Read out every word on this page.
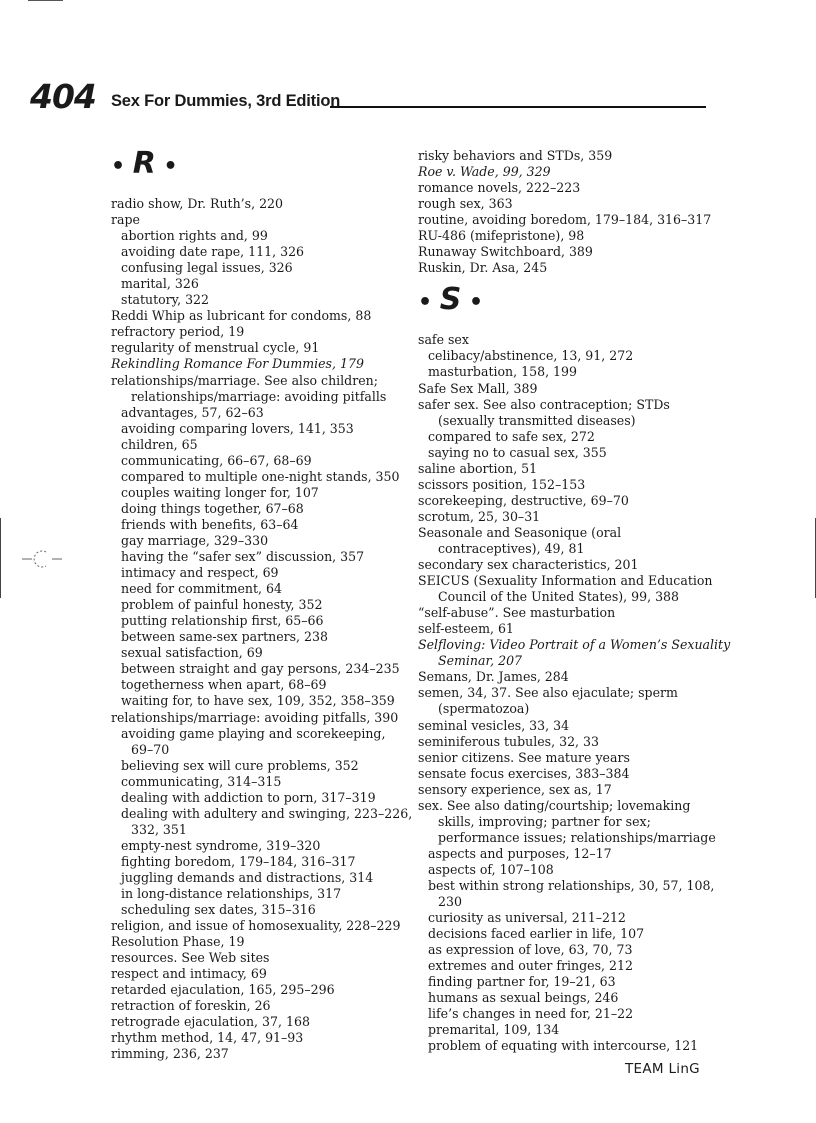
404 Sex For Dummies, 3rd Edition
• R •

radio show, Dr. Ruth’s, 220

rape

abortion rights and, 99

avoiding date rape, 111, 326

confusing legal issues, 326

marital, 326

statutory, 322

Reddi Whip as lubricant for condoms, 88

refractory period, 19

regularity of menstrual cycle, 91

Rekindling Romance For Dummies, 179

relationships/marriage. See also children;

relationships/marriage: avoiding pitfalls

advantages, 57, 62–63

avoiding comparing lovers, 141, 353

children, 65

communicating, 66–67, 68–69

compared to multiple one-night stands, 350

couples waiting longer for, 107

doing things together, 67–68

friends with benefits, 63–64

gay marriage, 329–330

having the “safer sex” discussion, 357

intimacy and respect, 69

need for commitment, 64

problem of painful honesty, 352

putting relationship first, 65–66

between same-sex partners, 238

sexual satisfaction, 69

between straight and gay persons, 234–235

togetherness when apart, 68–69

waiting for, to have sex, 109, 352, 358–359

relationships/marriage: avoiding pitfalls, 390

avoiding game playing and scorekeeping,

69–70

believing sex will cure problems, 352

communicating, 314–315

dealing with addiction to porn, 317–319

dealing with adultery and swinging, 223–226,

332, 351

empty-nest syndrome, 319–320

fighting boredom, 179–184, 316–317

juggling demands and distractions, 314

in long-distance relationships, 317

scheduling sex dates, 315–316

religion, and issue of homosexuality, 228–229

Resolution Phase, 19

resources. See Web sites

respect and intimacy, 69

retarded ejaculation, 165, 295–296

retraction of foreskin, 26

retrograde ejaculation, 37, 168

rhythm method, 14, 47, 91–93

rimming, 236, 237

risky behaviors and STDs, 359

Roe v. Wade, 99, 329

romance novels, 222–223

rough sex, 363

routine, avoiding boredom, 179–184, 316–317

RU-486 (mifepristone), 98

Runaway Switchboard, 389

Ruskin, Dr. Asa, 245

• S •

safe sex

celibacy/abstinence, 13, 91, 272

masturbation, 158, 199

Safe Sex Mall, 389

safer sex. See also contraception; STDs

(sexually transmitted diseases)

compared to safe sex, 272

saying no to casual sex, 355

saline abortion, 51

scissors position, 152–153

scorekeeping, destructive, 69–70

scrotum, 25, 30–31

Seasonale and Seasonique (oral

contraceptives), 49, 81

secondary sex characteristics, 201

SEICUS (Sexuality Information and Education

Council of the United States), 99, 388

“self-abuse”. See masturbation

self-esteem, 61

Selfloving: Video Portrait of a Women’s Sexuality

Seminar, 207

Semans, Dr. James, 284

semen, 34, 37. See also ejaculate; sperm

(spermatozoa)

seminal vesicles, 33, 34

seminiferous tubules, 32, 33

senior citizens. See mature years

sensate focus exercises, 383–384

sensory experience, sex as, 17

sex. See also dating/courtship; lovemaking

skills, improving; partner for sex;

performance issues; relationships/marriage

aspects and purposes, 12–17

aspects of, 107–108

best within strong relationships, 30, 57, 108,

230

curiosity as universal, 211–212

decisions faced earlier in life, 107

as expression of love, 63, 70, 73

extremes and outer fringes, 212

finding partner for, 19–21, 63

humans as sexual beings, 246

life’s changes in need for, 21–22

premarital, 109, 134

problem of equating with intercourse, 121

TEAM LinG
